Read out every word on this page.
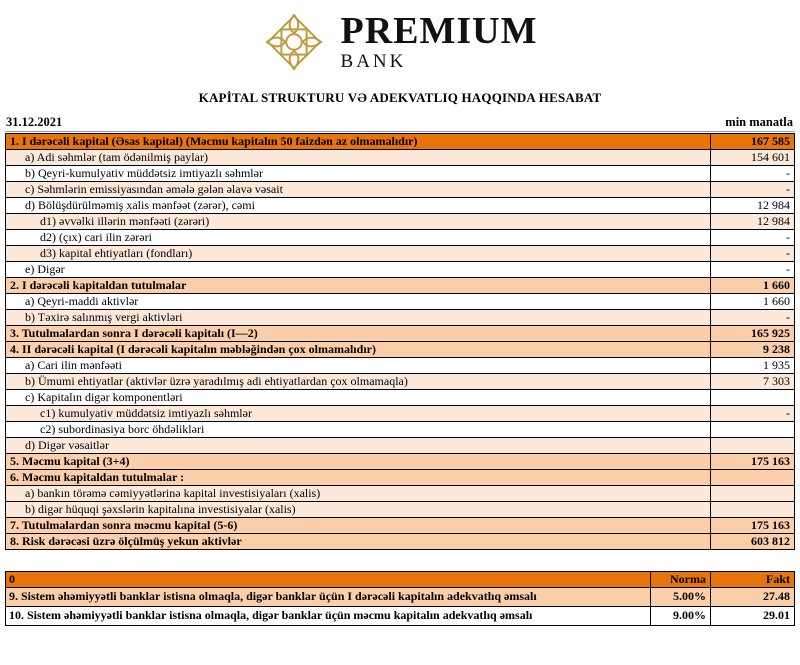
PREMIUM
BANK
KAPİTAL STRUKTURU VƏ ADEKVATLIQ HAQQINDA HESABAT
31.12.2021	min manatla
1. I dərəcəli kapital (Əsas kapital) (Məcmu kapitalın 50 faizdən az olmamalıdır)	167 585
a) Adi səhmlər (tam ödənilmiş paylar)	154 601
b) Qeyri-kumulyativ müddətsiz imtiyazlı səhmlər	-
c) Səhmlərin emissiyasından əmələ gələn əlavə vəsait	-
d) Bölüşdürülməmiş xalis mənfəət (zərər), cəmi	12 984
d1) əvvəlki illərin mənfəəti (zərəri)	12 984
d2) (çıx) cari ilin zərəri	-
d3) kapital ehtiyatları (fondları)	-
e) Digər	-
2. I dərəcəli kapitaldan tutulmalar	1 660
a) Qeyri-maddi aktivlər	1 660
b) Təxirə salınmış vergi aktivləri	-
3. Tutulmalardan sonra I dərəcəli kapitalı (I—2)	165 925
4. II dərəcəli kapital (I dərəcəli kapitalın məbləğindən çox olmamalıdır)	9 238
a) Cari ilin mənfəəti	1 935
b) Ümumi ehtiyatlar (aktivlər üzrə yaradılmış adi ehtiyatlardan çox olmamaqla)	7 303
c) Kapitalın digər komponentləri	
c1) kumulyativ müddətsiz imtiyazlı səhmlər	-
c2) subordinasiya borc öhdəlikləri	
d) Digər vəsaitlər	
5. Məcmu kapital (3+4)	175 163
6. Məcmu kapitaldan tutulmalar :	
a) bankın törəmə cəmiyyətlərinə kapital investisiyaları (xalis)	
b) digər hüquqi şəxslərin kapitalına investisiyalar (xalis)	
7. Tutulmalardan sonra məcmu kapital (5-6)	175 163
8. Risk dərəcəsi üzrə ölçülmüş yekun aktivlər	603 812
0	Norma	Fakt
9. Sistem əhəmiyyətli banklar istisna olmaqla, digər banklar üçün I dərəcəli kapitalın adekvatlıq əmsalı	5.00%	27.48
10. Sistem əhəmiyyətli banklar istisna olmaqla, digər banklar üçün məcmu kapitalın adekvatlıq əmsalı	9.00%	29.01
